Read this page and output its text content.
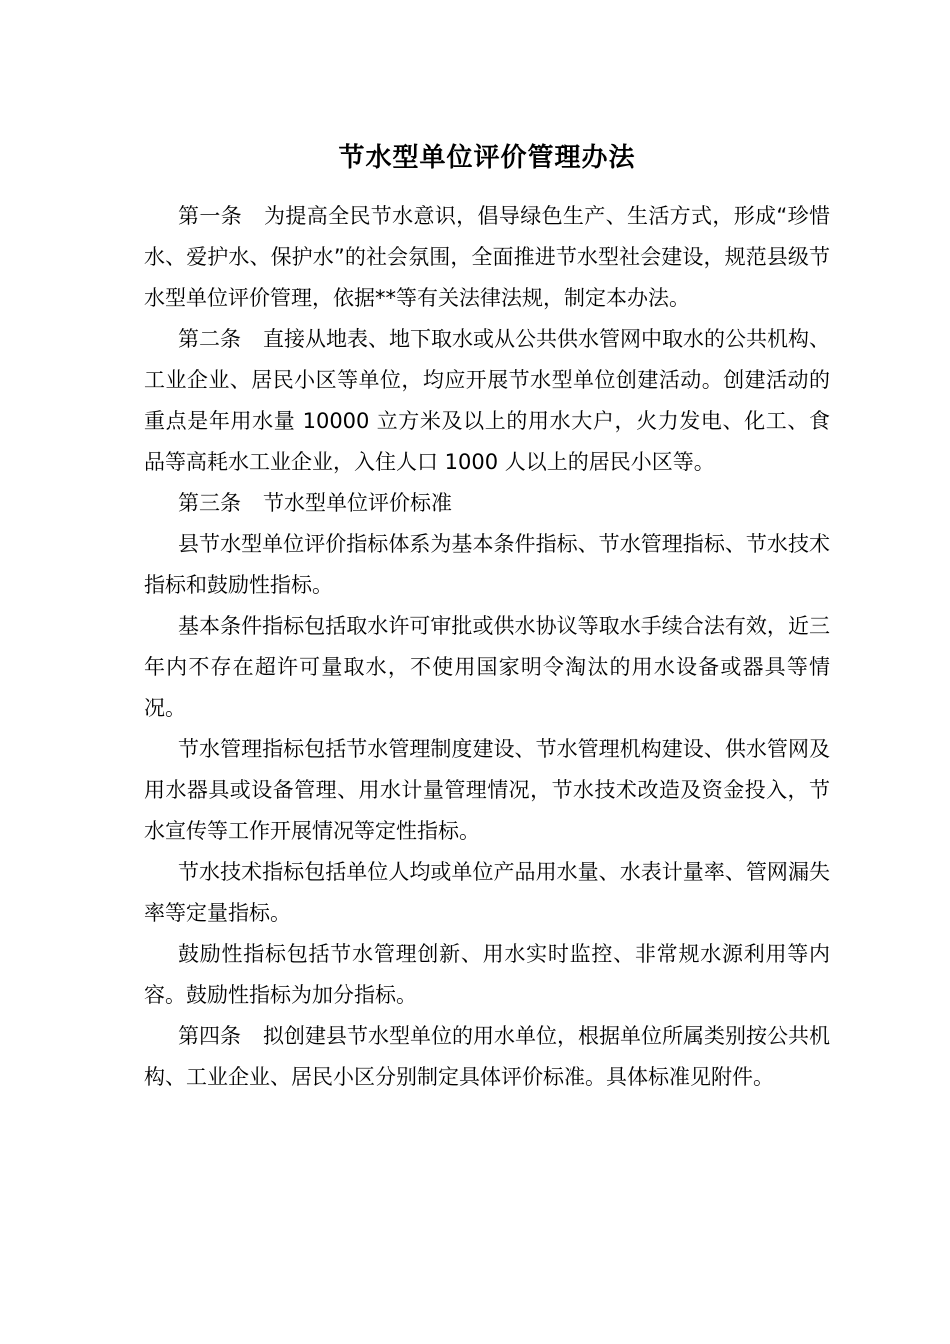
节水型单位评价管理办法

第一条 为提高全民节水意识，倡导绿色生产、生活方式，形成“珍惜水、爱护水、保护水”的社会氛围，全面推进节水型社会建设，规范县级节水型单位评价管理，依据**等有关法律法规，制定本办法。

第二条 直接从地表、地下取水或从公共供水管网中取水的公共机构、工业企业、居民小区等单位，均应开展节水型单位创建活动。创建活动的重点是年用水量 10000 立方米及以上的用水大户，火力发电、化工、食品等高耗水工业企业，入住人口 1000 人以上的居民小区等。

第三条 节水型单位评价标准

县节水型单位评价指标体系为基本条件指标、节水管理指标、节水技术指标和鼓励性指标。

基本条件指标包括取水许可审批或供水协议等取水手续合法有效，近三年内不存在超许可量取水，不使用国家明令淘汰的用水设备或器具等情况。

节水管理指标包括节水管理制度建设、节水管理机构建设、供水管网及用水器具或设备管理、用水计量管理情况，节水技术改造及资金投入，节水宣传等工作开展情况等定性指标。

节水技术指标包括单位人均或单位产品用水量、水表计量率、管网漏失率等定量指标。

鼓励性指标包括节水管理创新、用水实时监控、非常规水源利用等内容。鼓励性指标为加分指标。

第四条 拟创建县节水型单位的用水单位，根据单位所属类别按公共机构、工业企业、居民小区分别制定具体评价标准。具体标准见附件。
